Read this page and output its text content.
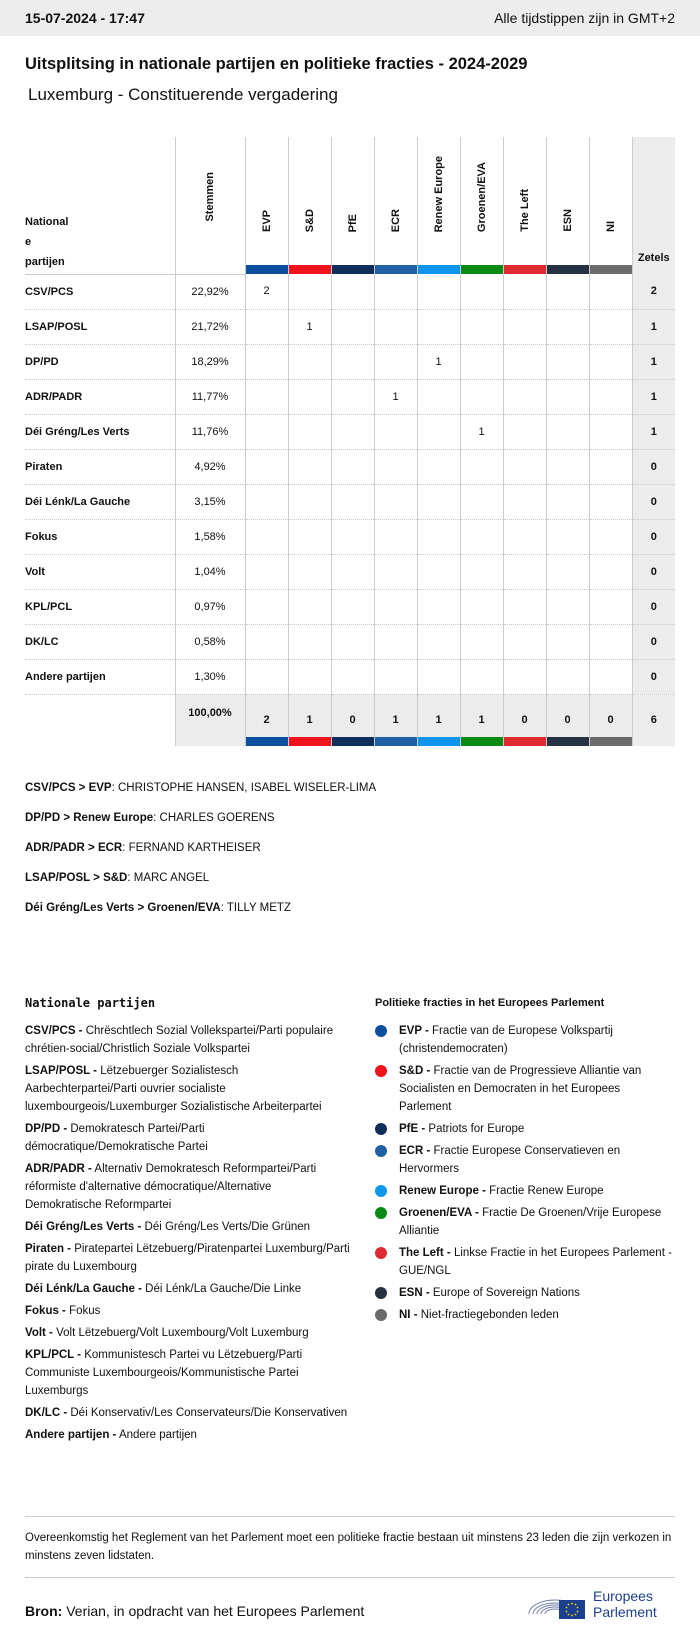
15-07-2024 - 17:47	Alle tijdstippen zijn in GMT+2
Uitsplitsing in nationale partijen en politieke fracties - 2024-2029
Luxemburg - Constituerende vergadering
National
e
partijen	Stemmen	EVP	S&D	PfE	ECR	Renew Europe	Groenen/EVA	The Left	ESN	NI	Zetels
CSV/PCS	22,92%	2									2
LSAP/POSL	21,72%		1								1
DP/PD	18,29%					1					1
ADR/PADR	11,77%				1						1
Déi Gréng/Les Verts	11,76%						1				1
Piraten	4,92%										0
Déi Lénk/La Gauche	3,15%										0
Fokus	1,58%										0
Volt	1,04%										0
KPL/PCL	0,97%										0
DK/LC	0,58%										0
Andere partijen	1,30%										0
	100,00%	2	1	0	1	1	1	0	0	0	6
CSV/PCS > EVP: CHRISTOPHE HANSEN, ISABEL WISELER-LIMA
DP/PD > Renew Europe: CHARLES GOERENS
ADR/PADR > ECR: FERNAND KARTHEISER
LSAP/POSL > S&D: MARC ANGEL
Déi Gréng/Les Verts > Groenen/EVA: TILLY METZ
Nationale partijen
CSV/PCS - Chrëschtlech Sozial Vollekspartei/Parti populaire chrétien-social/Christlich Soziale Volkspartei
LSAP/POSL - Lëtzebuerger Sozialistesch Aarbechterpartei/Parti ouvrier socialiste luxembourgeois/Luxemburger Sozialistische Arbeiterpartei
DP/PD - Demokratesch Partei/Parti démocratique/Demokratische Partei
ADR/PADR - Alternativ Demokratesch Reformpartei/Parti réformiste d'alternative démocratique/Alternative Demokratische Reformpartei
Déi Gréng/Les Verts - Déi Gréng/Les Verts/Die Grünen
Piraten - Piratepartei Lëtzebuerg/Piratenpartei Luxemburg/Parti pirate du Luxembourg
Déi Lénk/La Gauche - Déi Lénk/La Gauche/Die Linke
Fokus - Fokus
Volt - Volt Lëtzebuerg/Volt Luxembourg/Volt Luxemburg
KPL/PCL - Kommunistesch Partei vu Lëtzebuerg/Parti Communiste Luxembourgeois/Kommunistische Partei Luxemburgs
DK/LC - Déi Konservativ/Les Conservateurs/Die Konservativen
Andere partijen - Andere partijen
Politieke fracties in het Europees Parlement
EVP - Fractie van de Europese Volkspartij (christendemocraten)
S&D - Fractie van de Progressieve Alliantie van Socialisten en Democraten in het Europees Parlement
PfE - Patriots for Europe
ECR - Fractie Europese Conservatieven en Hervormers
Renew Europe - Fractie Renew Europe
Groenen/EVA - Fractie De Groenen/Vrije Europese Alliantie
The Left - Linkse Fractie in het Europees Parlement - GUE/NGL
ESN - Europe of Sovereign Nations
NI - Niet-fractiegebonden leden
Overeenkomstig het Reglement van het Parlement moet een politieke fractie bestaan uit minstens 23 leden die zijn verkozen in minstens zeven lidstaten.
Bron: Verian, in opdracht van het Europees Parlement
Europees
Parlement
